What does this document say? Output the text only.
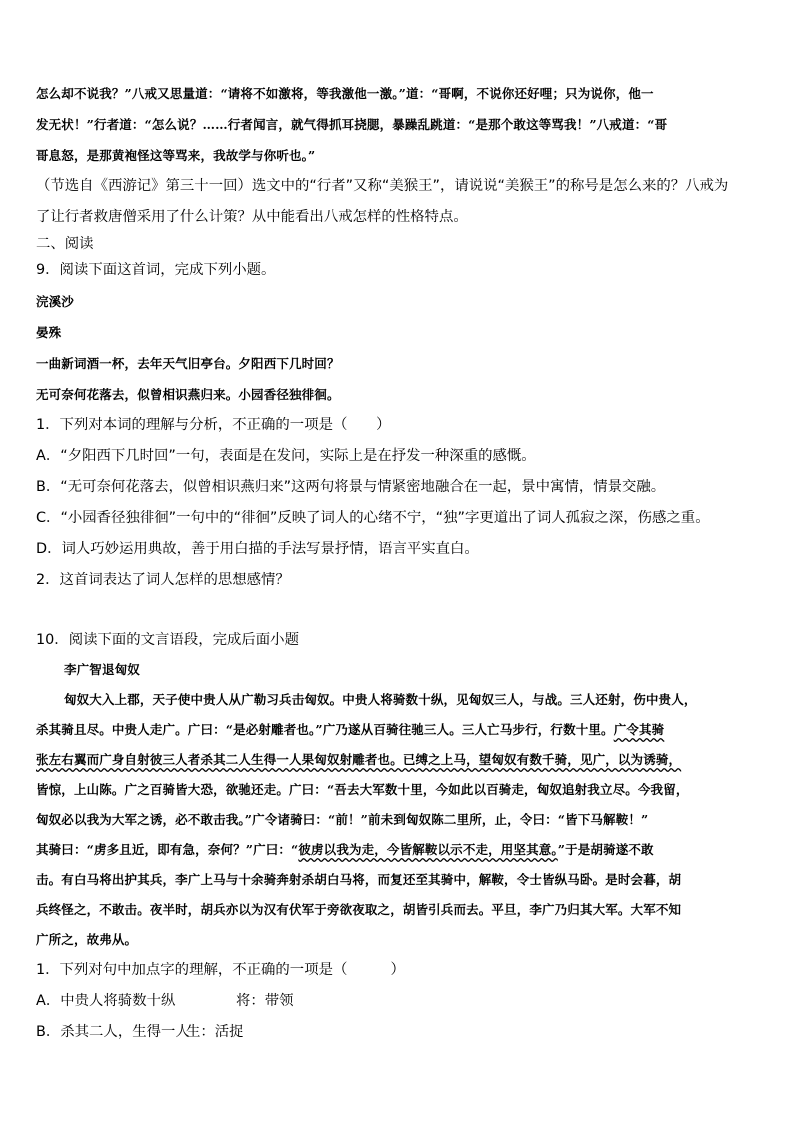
怎么却不说我？”八戒又思量道：“请将不如激将，等我激他一激。”道：“哥啊，不说你还好哩；只为说你，他一
发无状！”行者道：“怎么说？……行者闻言，就气得抓耳挠腮，暴躁乱跳道：“是那个敢这等骂我！”八戒道：“哥
哥息怒，是那黄袍怪这等骂来，我故学与你听也。”
（节选自《西游记》第三十一回）选文中的“行者”又称“美猴王”，请说说“美猴王”的称号是怎么来的？八戒为
了让行者救唐僧采用了什么计策？从中能看出八戒怎样的性格特点。
二、阅读
9．阅读下面这首词，完成下列小题。
浣溪沙
晏殊
一曲新词酒一杯，去年天气旧亭台。夕阳西下几时回？
无可奈何花落去，似曾相识燕归来。小园香径独徘徊。
1．下列对本词的理解与分析，不正确的一项是（　　）
A．“夕阳西下几时回”一句，表面是在发问，实际上是在抒发一种深重的感慨。
B．“无可奈何花落去，似曾相识燕归来”这两句将景与情紧密地融合在一起，景中寓情，情景交融。
C．“小园香径独徘徊”一句中的“徘徊”反映了词人的心绪不宁，“独”字更道出了词人孤寂之深，伤感之重。
D．词人巧妙运用典故，善于用白描的手法写景抒情，语言平实直白。
2．这首词表达了词人怎样的思想感情？
10．阅读下面的文言语段，完成后面小题
李广智退匈奴
匈奴大入上郡，天子使中贵人从广勒习兵击匈奴。中贵人将骑数十纵，见匈奴三人，与战。三人还射，伤中贵人，
杀其骑且尽。中贵人走广。广曰：“是必射雕者也。”广乃遂从百骑往驰三人。三人亡马步行，行数十里。广令其骑
张左右翼而广身自射彼三人者杀其二人生得一人果匈奴射雕者也。已缚之上马，望匈奴有数千骑，见广，以为诱骑，
皆惊，上山陈。广之百骑皆大恐，欲驰还走。广曰：“吾去大军数十里，今如此以百骑走，匈奴追射我立尽。今我留，
匈奴必以我为大军之诱，必不敢击我。”广令诸骑曰：“前！”前未到匈奴陈二里所，止，令曰：“皆下马解鞍！”
其骑曰：“虏多且近，即有急，奈何？”广曰：“彼虏以我为走，今皆解鞍以示不走，用坚其意。”于是胡骑遂不敢
击。有白马将出护其兵，李广上马与十余骑奔射杀胡白马将，而复还至其骑中，解鞍，令士皆纵马卧。是时会暮，胡
兵终怪之，不敢击。夜半时，胡兵亦以为汉有伏军于旁欲夜取之，胡皆引兵而去。平旦，李广乃归其大军。大军不知
广所之，故弗从。
1．下列对句中加点字的理解，不正确的一项是（　　　）
A．中贵人将骑数十纵	将：带领
B．杀其二人，生得一人
生：活捉
